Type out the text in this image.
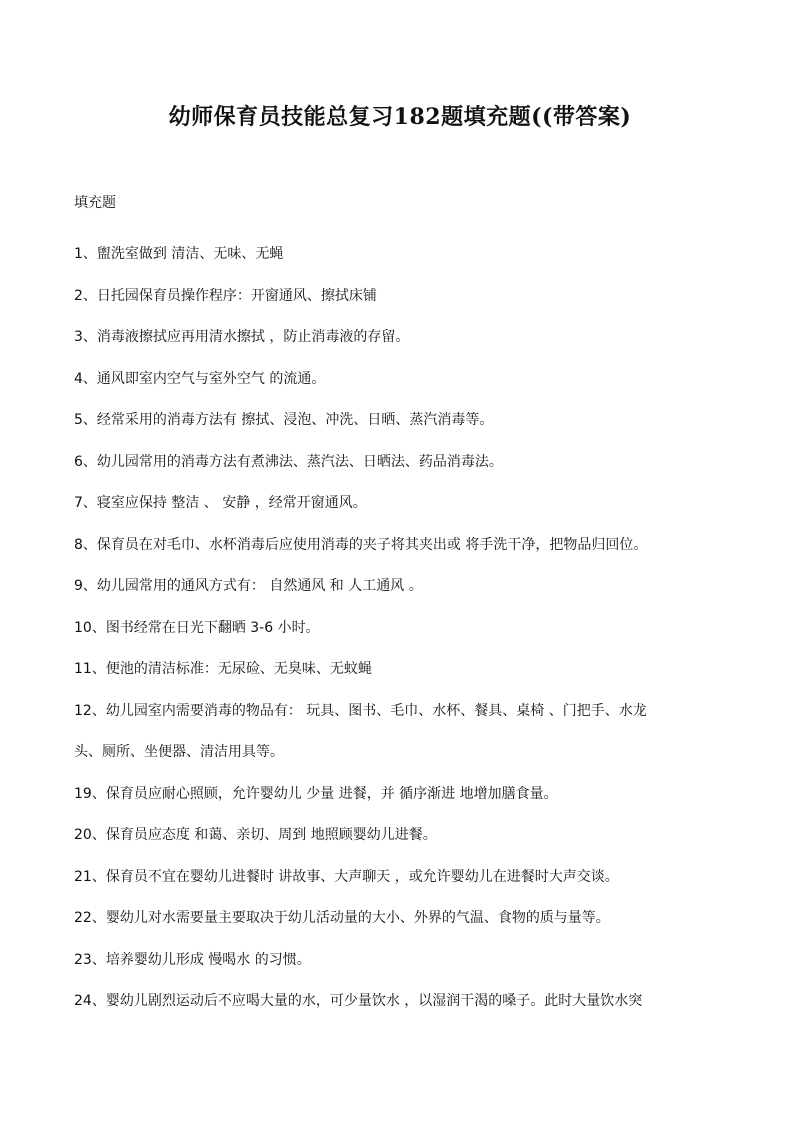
幼师保育员技能总复习182题填充题((带答案)
填充题
1、盥洗室做到 清洁、无味、无蝇
2、日托园保育员操作程序：开窗通风、擦拭床铺
3、消毒液擦拭应再用清水擦拭 ，防止消毒液的存留。
4、通风即室内空气与室外空气 的流通。
5、经常采用的消毒方法有 擦拭、浸泡、冲洗、日晒、蒸汽消毒等。
6、幼儿园常用的消毒方法有煮沸法、蒸汽法、日晒法、药品消毒法。
7、寝室应保持 整洁 、 安静 ，经常开窗通风。
8、保育员在对毛巾、水杯消毒后应使用消毒的夹子将其夹出或 将手洗干净，把物品归回位。
9、幼儿园常用的通风方式有： 自然通风 和 人工通风 。
10、图书经常在日光下翻晒 3-6 小时。
11、便池的清洁标准：无尿硷、无臭味、无蚊蝇
12、幼儿园室内需要消毒的物品有： 玩具、图书、毛巾、水杯、餐具、桌椅 、门把手、水龙
头、厕所、坐便器、清洁用具等。
19、保育员应耐心照顾，允许婴幼儿 少量 进餐，并 循序渐进 地增加膳食量。
20、保育员应态度 和蔼、亲切、周到 地照顾婴幼儿进餐。
21、保育员不宜在婴幼儿进餐时 讲故事、大声聊天 ，或允许婴幼儿在进餐时大声交谈。
22、婴幼儿对水需要量主要取决于幼儿活动量的大小、外界的气温、食物的质与量等。
23、培养婴幼儿形成 慢喝水 的习惯。
24、婴幼儿剧烈运动后不应喝大量的水，可少量饮水 ，以湿润干渴的嗓子。此时大量饮水突
